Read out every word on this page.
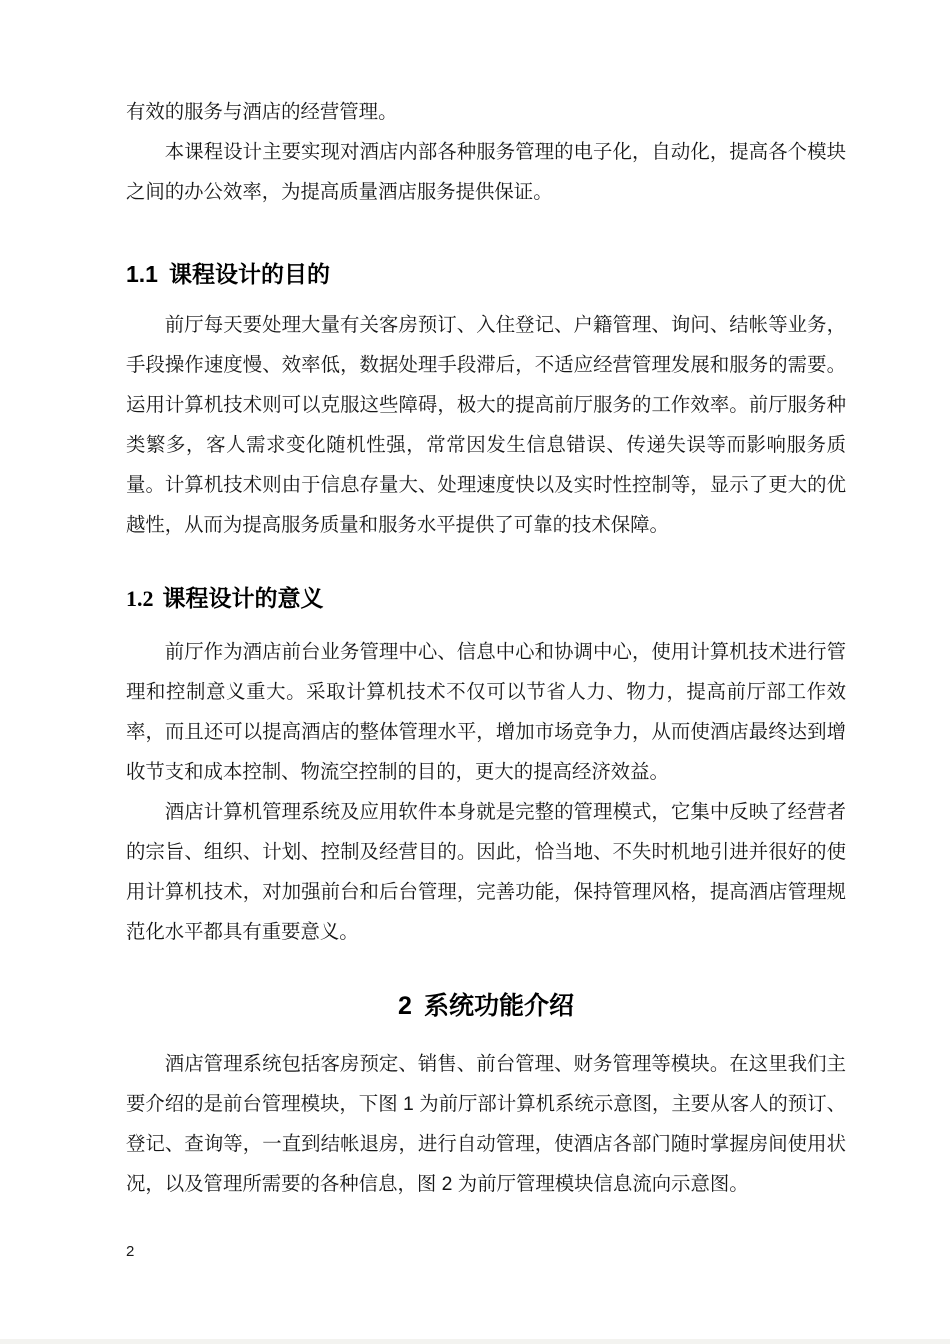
有效的服务与酒店的经营管理。

本课程设计主要实现对酒店内部各种服务管理的电子化，自动化，提高各个模块之间的办公效率，为提高质量酒店服务提供保证。

1.1 课程设计的目的

前厅每天要处理大量有关客房预订、入住登记、户籍管理、询问、结帐等业务，手段操作速度慢、效率低，数据处理手段滞后，不适应经营管理发展和服务的需要。运用计算机技术则可以克服这些障碍，极大的提高前厅服务的工作效率。前厅服务种类繁多，客人需求变化随机性强，常常因发生信息错误、传递失误等而影响服务质量。计算机技术则由于信息存量大、处理速度快以及实时性控制等，显示了更大的优越性，从而为提高服务质量和服务水平提供了可靠的技术保障。

1.2 课程设计的意义

前厅作为酒店前台业务管理中心、信息中心和协调中心，使用计算机技术进行管理和控制意义重大。采取计算机技术不仅可以节省人力、物力，提高前厅部工作效率，而且还可以提高酒店的整体管理水平，增加市场竞争力，从而使酒店最终达到增收节支和成本控制、物流空控制的目的，更大的提高经济效益。

酒店计算机管理系统及应用软件本身就是完整的管理模式，它集中反映了经营者的宗旨、组织、计划、控制及经营目的。因此，恰当地、不失时机地引进并很好的使用计算机技术，对加强前台和后台管理，完善功能，保持管理风格，提高酒店管理规范化水平都具有重要意义。

2 系统功能介绍

酒店管理系统包括客房预定、销售、前台管理、财务管理等模块。在这里我们主要介绍的是前台管理模块，下图 1 为前厅部计算机系统示意图，主要从客人的预订、登记、查询等，一直到结帐退房，进行自动管理，使酒店各部门随时掌握房间使用状况，以及管理所需要的各种信息，图 2 为前厅管理模块信息流向示意图。

2
